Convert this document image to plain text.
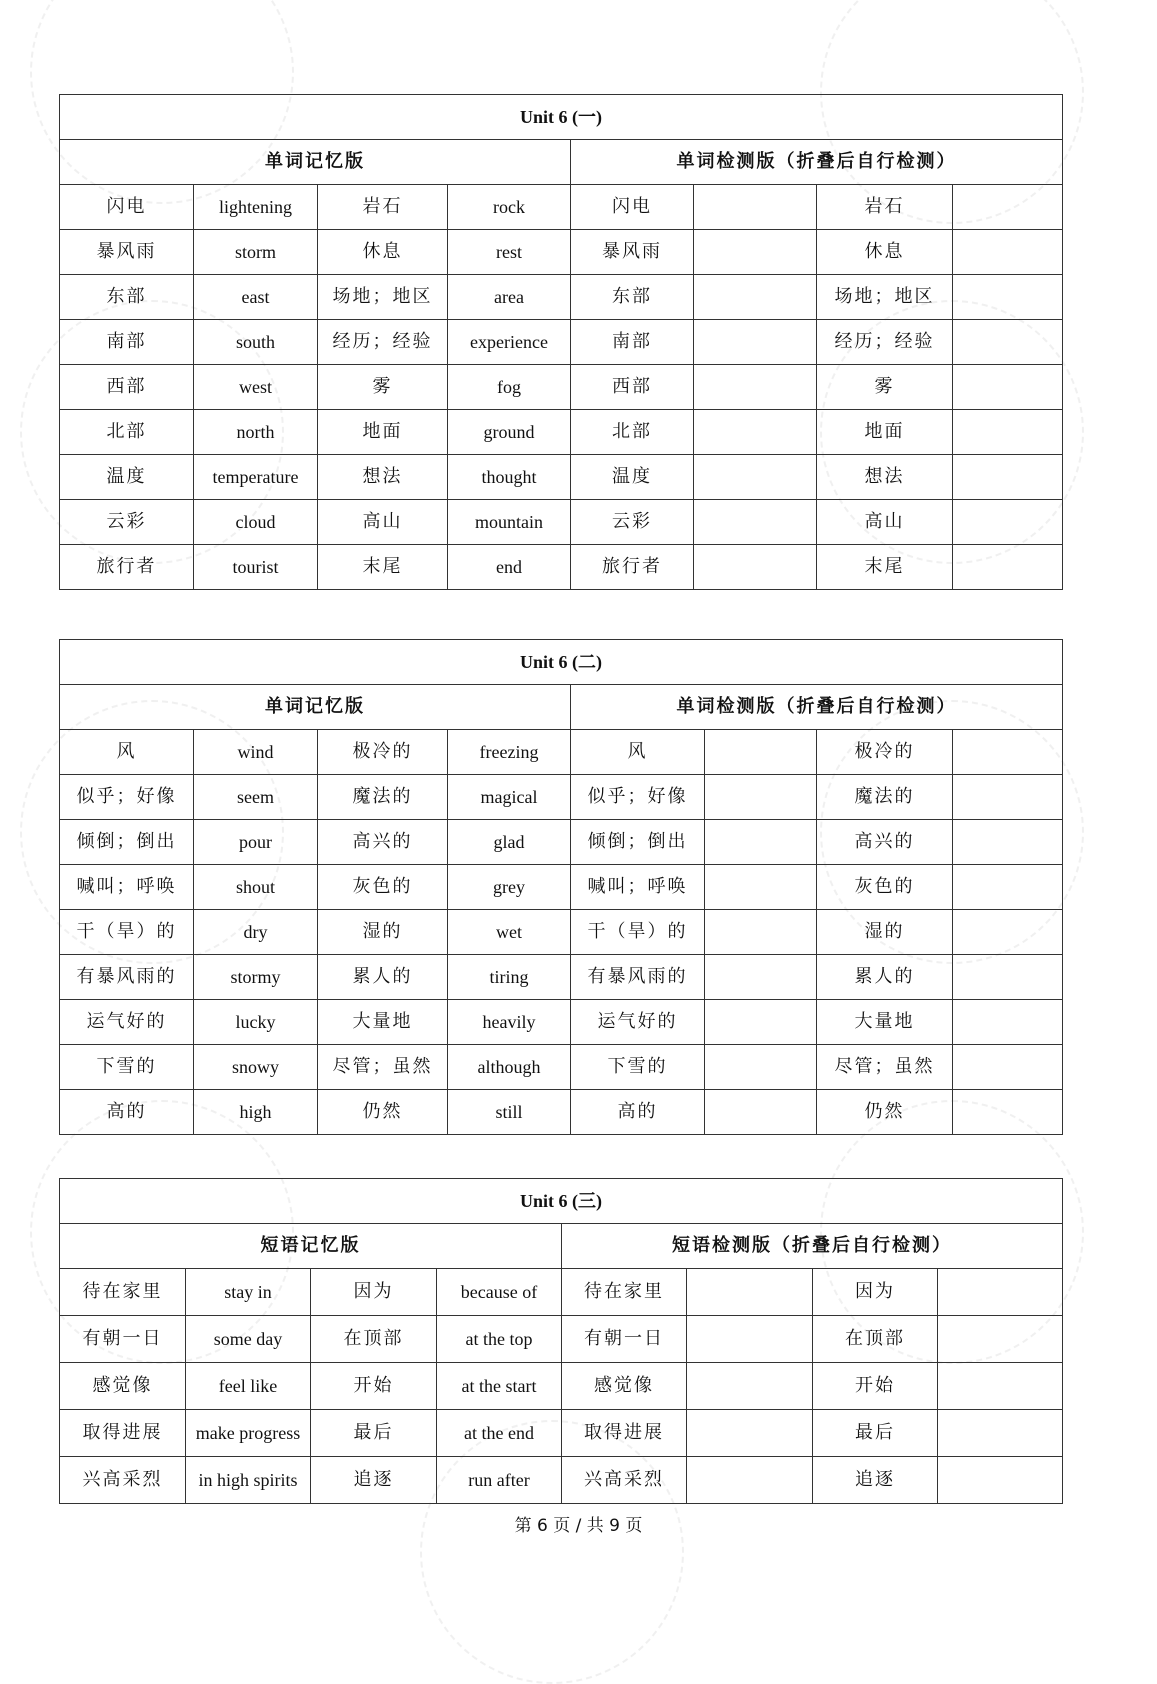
Unit 6 (一)							
单词记忆版				单词检测版（折叠后自行检测）			
闪电	lightening	岩石	rock	闪电		岩石	
暴风雨	storm	休息	rest	暴风雨		休息	
东部	east	场地；地区	area	东部		场地；地区	
南部	south	经历；经验	experience	南部		经历；经验	
西部	west	雾	fog	西部		雾	
北部	north	地面	ground	北部		地面	
温度	temperature	想法	thought	温度		想法	
云彩	cloud	高山	mountain	云彩		高山	
旅行者	tourist	末尾	end	旅行者		末尾	
Unit 6 (二)							
单词记忆版				单词检测版（折叠后自行检测）			
风	wind	极冷的	freezing	风		极冷的	
似乎；好像	seem	魔法的	magical	似乎；好像		魔法的	
倾倒；倒出	pour	高兴的	glad	倾倒；倒出		高兴的	
喊叫；呼唤	shout	灰色的	grey	喊叫；呼唤		灰色的	
干（旱）的	dry	湿的	wet	干（旱）的		湿的	
有暴风雨的	stormy	累人的	tiring	有暴风雨的		累人的	
运气好的	lucky	大量地	heavily	运气好的		大量地	
下雪的	snowy	尽管；虽然	although	下雪的		尽管；虽然	
高的	high	仍然	still	高的		仍然	
Unit 6 (三)							
短语记忆版				短语检测版（折叠后自行检测）			
待在家里	stay in	因为	because of	待在家里		因为	
有朝一日	some day	在顶部	at the top	有朝一日		在顶部	
感觉像	feel like	开始	at the start	感觉像		开始	
取得进展	make progress	最后	at the end	取得进展		最后	
兴高采烈	in high spirits	追逐	run after	兴高采烈		追逐	
第 6 页 / 共 9 页
